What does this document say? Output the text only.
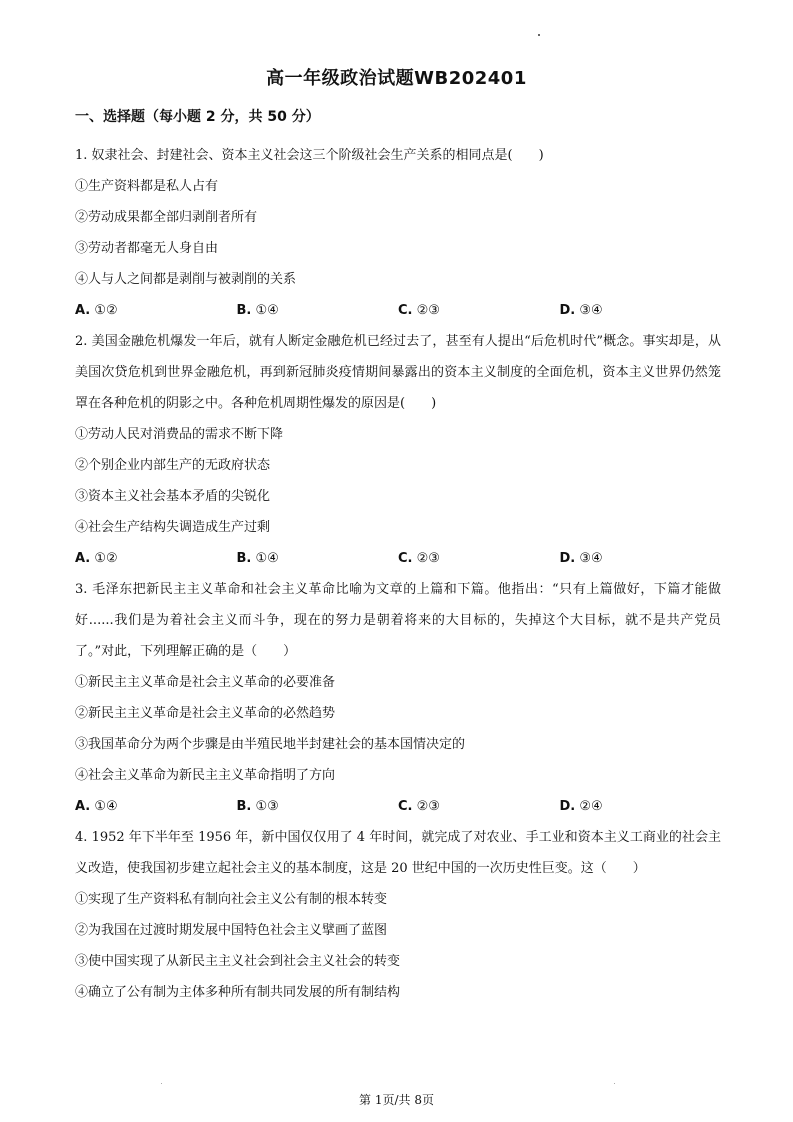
高一年级政治试题WB202401
一、选择题（每小题 2 分，共 50 分）

1. 奴隶社会、封建社会、资本主义社会这三个阶级社会生产关系的相同点是(　　)

①生产资料都是私人占有

②劳动成果都全部归剥削者所有

③劳动者都毫无人身自由

④人与人之间都是剥削与被剥削的关系

A. ①②	B. ①④	C. ②③	D. ③④

2. 美国金融危机爆发一年后，就有人断定金融危机已经过去了，甚至有人提出“后危机时代”概念。事实却是，从美国次贷危机到世界金融危机，再到新冠肺炎疫情期间暴露出的资本主义制度的全面危机，资本主义世界仍然笼罩在各种危机的阴影之中。各种危机周期性爆发的原因是(　　)

①劳动人民对消费品的需求不断下降

②个别企业内部生产的无政府状态

③资本主义社会基本矛盾的尖锐化

④社会生产结构失调造成生产过剩

A. ①②	B. ①④	C. ②③	D. ③④

3. 毛泽东把新民主主义革命和社会主义革命比喻为文章的上篇和下篇。他指出：“只有上篇做好，下篇才能做好......我们是为着社会主义而斗争，现在的努力是朝着将来的大目标的，失掉这个大目标，就不是共产党员了。”对此，下列理解正确的是（　　）

①新民主主义革命是社会主义革命的必要准备

②新民主主义革命是社会主义革命的必然趋势

③我国革命分为两个步骤是由半殖民地半封建社会的基本国情决定的

④社会主义革命为新民主主义革命指明了方向

A. ①④	B. ①③	C. ②③	D. ②④

4. 1952 年下半年至 1956 年，新中国仅仅用了 4 年时间，就完成了对农业、手工业和资本主义工商业的社会主义改造，使我国初步建立起社会主义的基本制度，这是 20 世纪中国的一次历史性巨变。这（　　）

①实现了生产资料私有制向社会主义公有制的根本转变

②为我国在过渡时期发展中国特色社会主义擘画了蓝图

③使中国实现了从新民主主义社会到社会主义社会的转变

④确立了公有制为主体多种所有制共同发展的所有制结构

第 1页/共 8页
